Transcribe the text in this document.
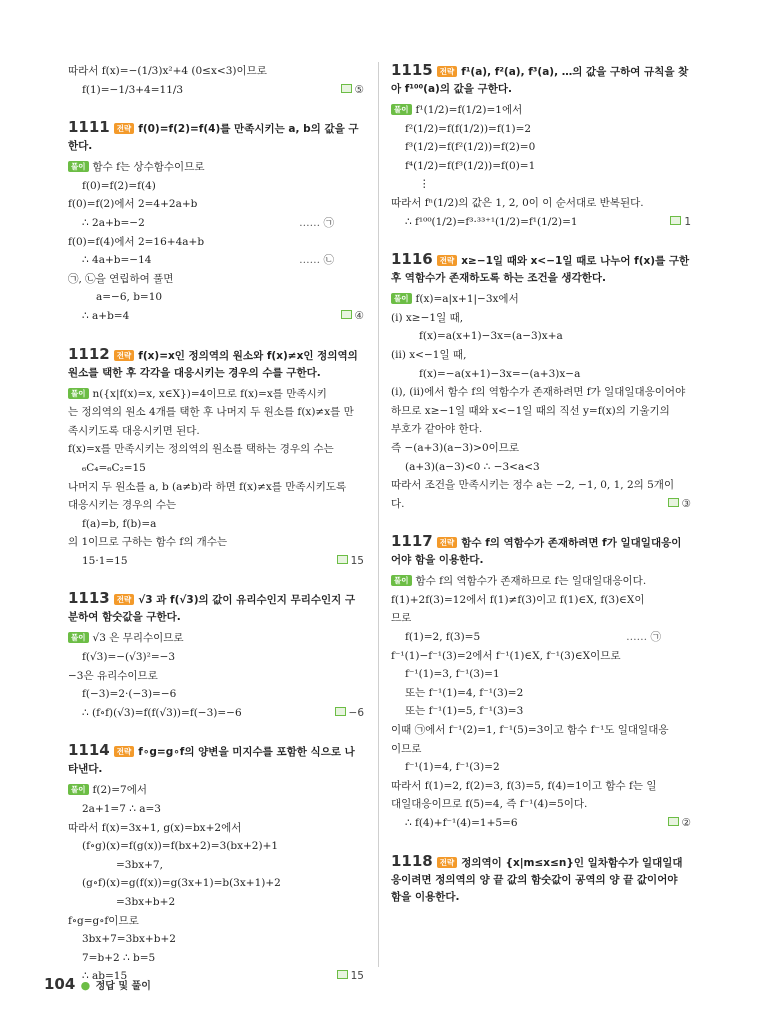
따라서 f(x)=−(1/3)x²+4 (0≤x<3)이므로
f(1)=−1/3+4=11/3	⑤
1111 전략 f(0)=f(2)=f(4)를 만족시키는 a, b의 값을 구한다.
풀이 함수 f는 상수함수이므로
f(0)=f(2)=f(4)
f(0)=f(2)에서 2=4+2a+b
∴ 2a+b=−2	…… ㉠
f(0)=f(4)에서 2=16+4a+b
∴ 4a+b=−14	…… ㉡
㉠, ㉡을 연립하여 풀면
a=−6, b=10
∴ a+b=4	④
1112 전략 f(x)=x인 정의역의 원소와 f(x)≠x인 정의역의 원소를 택한 후 각각을 대응시키는 경우의 수를 구한다.
풀이 n({x|f(x)=x, x∈X})=4이므로 f(x)=x를 만족시키
는 정의역의 원소 4개를 택한 후 나머지 두 원소를 f(x)≠x를 만
족시키도록 대응시키면 된다.
f(x)=x를 만족시키는 정의역의 원소를 택하는 경우의 수는
₆C₄=₆C₂=15
나머지 두 원소를 a, b (a≠b)라 하면 f(x)≠x를 만족시키도록
대응시키는 경우의 수는
f(a)=b, f(b)=a
의 1이므로 구하는 함수 f의 개수는
15·1=15	15
1113 전략 √3 과 f(√3)의 값이 유리수인지 무리수인지 구분하여 함숫값을 구한다.
풀이 √3 은 무리수이므로
f(√3)=−(√3)²=−3
−3은 유리수이므로
f(−3)=2·(−3)=−6
∴ (f∘f)(√3)=f(f(√3))=f(−3)=−6	−6
1114 전략 f∘g=g∘f의 양변을 미지수를 포함한 식으로 나타낸다.
풀이 f(2)=7에서
2a+1=7 ∴ a=3
따라서 f(x)=3x+1, g(x)=bx+2에서
(f∘g)(x)=f(g(x))=f(bx+2)=3(bx+2)+1
=3bx+7,
(g∘f)(x)=g(f(x))=g(3x+1)=b(3x+1)+2
=3bx+b+2
f∘g=g∘f이므로
3bx+7=3bx+b+2
7=b+2 ∴ b=5
∴ ab=15	15
1115 전략 f¹(a), f²(a), f³(a), …의 값을 구하여 규칙을 찾아 f¹⁰⁰(a)의 값을 구한다.
풀이 f¹(1/2)=f(1/2)=1에서
f²(1/2)=f(f(1/2))=f(1)=2
f³(1/2)=f(f²(1/2))=f(2)=0
f⁴(1/2)=f(f³(1/2))=f(0)=1
⋮
따라서 fⁿ(1/2)의 값은 1, 2, 0이 이 순서대로 반복된다.
∴ f¹⁰⁰(1/2)=f³·³³⁺¹(1/2)=f¹(1/2)=1	1
1116 전략 x≥−1일 때와 x<−1일 때로 나누어 f(x)를 구한 후 역함수가 존재하도록 하는 조건을 생각한다.
풀이 f(x)=a|x+1|−3x에서
(i) x≥−1일 때,
f(x)=a(x+1)−3x=(a−3)x+a
(ii) x<−1일 때,
f(x)=−a(x+1)−3x=−(a+3)x−a
(i), (ii)에서 함수 f의 역함수가 존재하려면 f가 일대일대응이어야
하므로 x≥−1일 때와 x<−1일 때의 직선 y=f(x)의 기울기의
부호가 같아야 한다.
즉 −(a+3)(a−3)>0이므로
(a+3)(a−3)<0 ∴ −3<a<3
따라서 조건을 만족시키는 정수 a는 −2, −1, 0, 1, 2의 5개이
다.	③
1117 전략 함수 f의 역함수가 존재하려면 f가 일대일대응이어야 함을 이용한다.
풀이 함수 f의 역함수가 존재하므로 f는 일대일대응이다.
f(1)+2f(3)=12에서 f(1)≠f(3)이고 f(1)∈X, f(3)∈X이
므로
f(1)=2, f(3)=5	…… ㉠
f⁻¹(1)−f⁻¹(3)=2에서 f⁻¹(1)∈X, f⁻¹(3)∈X이므로
f⁻¹(1)=3, f⁻¹(3)=1
또는 f⁻¹(1)=4, f⁻¹(3)=2
또는 f⁻¹(1)=5, f⁻¹(3)=3
이때 ㉠에서 f⁻¹(2)=1, f⁻¹(5)=3이고 함수 f⁻¹도 일대일대응
이므로
f⁻¹(1)=4, f⁻¹(3)=2
따라서 f(1)=2, f(2)=3, f(3)=5, f(4)=1이고 함수 f는 일
대일대응이므로 f(5)=4, 즉 f⁻¹(4)=5이다.
∴ f(4)+f⁻¹(4)=1+5=6	②
1118 전략 정의역이 {x|m≤x≤n}인 일차함수가 일대일대응이려면 정의역의 양 끝 값의 함숫값이 공역의 양 끝 값이어야 함을 이용한다.
104 ● 정답 및 풀이
